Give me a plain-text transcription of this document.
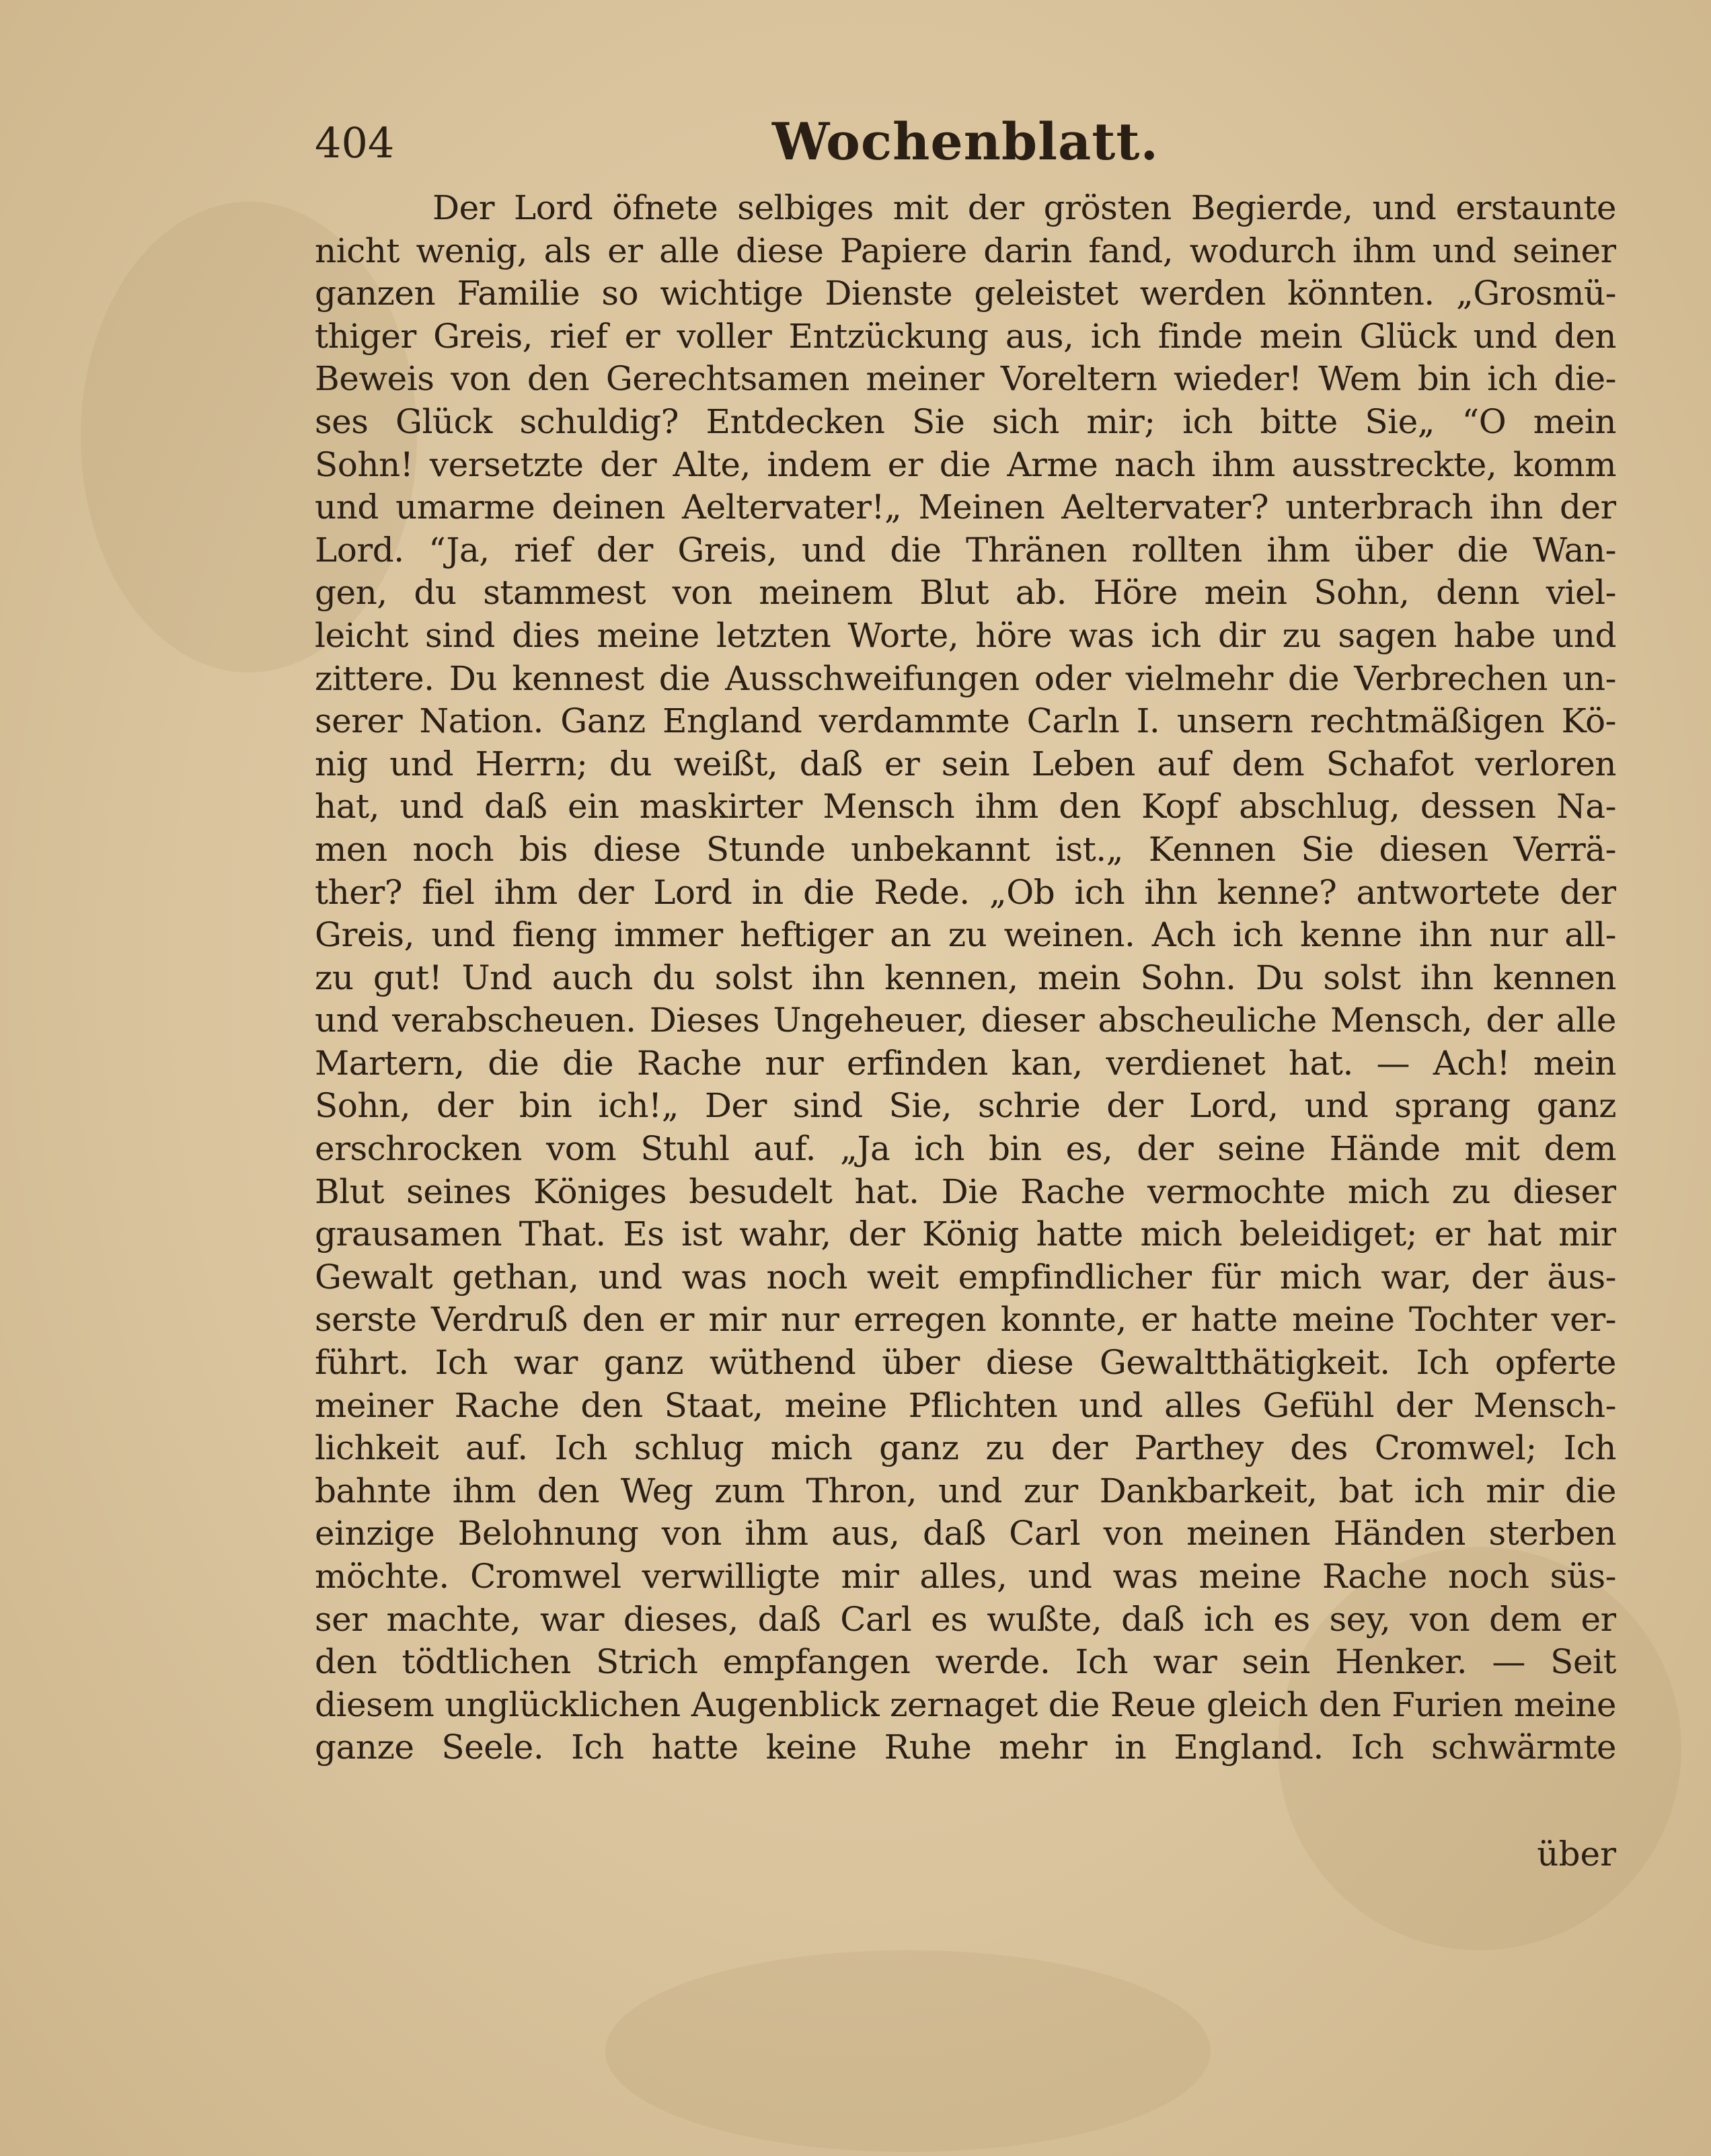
404	Wochenblatt.
Der Lord öfnete selbiges mit der grösten Begierde, und erstaunte
nicht wenig, als er alle diese Papiere darin fand, wodurch ihm und seiner
ganzen Familie so wichtige Dienste geleistet werden könnten. „Grosmü-
thiger Greis, rief er voller Entzückung aus, ich finde mein Glück und den
Beweis von den Gerechtsamen meiner Voreltern wieder! Wem bin ich die-
ses Glück schuldig? Entdecken Sie sich mir; ich bitte Sie„ “O mein
Sohn! versetzte der Alte, indem er die Arme nach ihm ausstreckte, komm
und umarme deinen Aeltervater!„ Meinen Aeltervater? unterbrach ihn der
Lord. “Ja, rief der Greis, und die Thränen rollten ihm über die Wan-
gen, du stammest von meinem Blut ab. Höre mein Sohn, denn viel-
leicht sind dies meine letzten Worte, höre was ich dir zu sagen habe und
zittere. Du kennest die Ausschweifungen oder vielmehr die Verbrechen un-
serer Nation. Ganz England verdammte Carln I. unsern rechtmäßigen Kö-
nig und Herrn; du weißt, daß er sein Leben auf dem Schafot verloren
hat, und daß ein maskirter Mensch ihm den Kopf abschlug, dessen Na-
men noch bis diese Stunde unbekannt ist.„ Kennen Sie diesen Verrä-
ther? fiel ihm der Lord in die Rede. „Ob ich ihn kenne? antwortete der
Greis, und fieng immer heftiger an zu weinen. Ach ich kenne ihn nur all-
zu gut! Und auch du solst ihn kennen, mein Sohn. Du solst ihn kennen
und verabscheuen. Dieses Ungeheuer, dieser abscheuliche Mensch, der alle
Martern, die die Rache nur erfinden kan, verdienet hat. — Ach! mein
Sohn, der bin ich!„ Der sind Sie, schrie der Lord, und sprang ganz
erschrocken vom Stuhl auf. „Ja ich bin es, der seine Hände mit dem
Blut seines Königes besudelt hat. Die Rache vermochte mich zu dieser
grausamen That. Es ist wahr, der König hatte mich beleidiget; er hat mir
Gewalt gethan, und was noch weit empfindlicher für mich war, der äus-
serste Verdruß den er mir nur erregen konnte, er hatte meine Tochter ver-
führt. Ich war ganz wüthend über diese Gewaltthätigkeit. Ich opferte
meiner Rache den Staat, meine Pflichten und alles Gefühl der Mensch-
lichkeit auf. Ich schlug mich ganz zu der Parthey des Cromwel; Ich
bahnte ihm den Weg zum Thron, und zur Dankbarkeit, bat ich mir die
einzige Belohnung von ihm aus, daß Carl von meinen Händen sterben
möchte. Cromwel verwilligte mir alles, und was meine Rache noch süs-
ser machte, war dieses, daß Carl es wußte, daß ich es sey, von dem er
den tödtlichen Strich empfangen werde. Ich war sein Henker. — Seit
diesem unglücklichen Augenblick zernaget die Reue gleich den Furien meine
ganze Seele. Ich hatte keine Ruhe mehr in England. Ich schwärmte
über
